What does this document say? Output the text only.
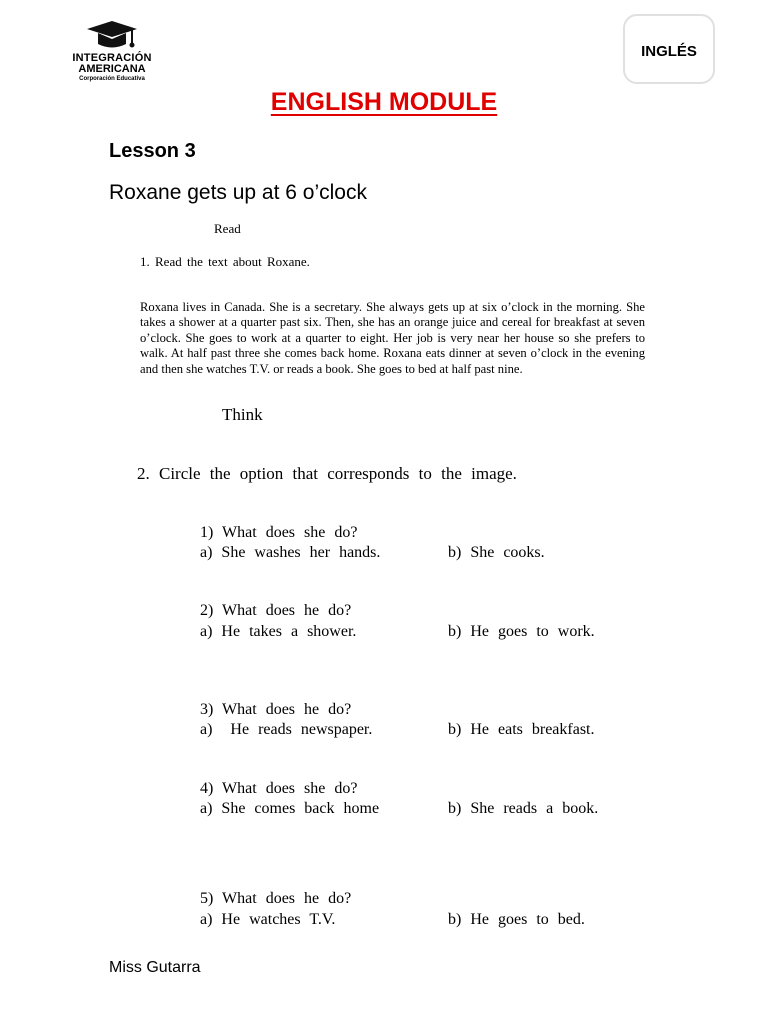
INTEGRACIÓN
AMERICANA
Corporación Educativa
INGLÉS
ENGLISH MODULE
Lesson 3
Roxane gets up at 6 o’clock
Read
1. Read the text about Roxane.
Roxana lives in Canada. She is a secretary. She always gets up at six o’clock in the morning. She takes a shower at a quarter past six. Then, she has an orange juice and cereal for breakfast at seven o’clock. She goes to work at a quarter to eight. Her job is very near her house so she prefers to walk. At half past three she comes back home. Roxana eats dinner at seven o’clock in the evening and then she watches T.V. or reads a book. She goes to bed at half past nine.
Think
2. Circle the option that corresponds to the image.
1) What does she do?
a) She washes her hands.	b) She cooks.
2) What does he do?
a) He takes a shower.	b) He goes to work.
3) What does he do?
a)  He reads newspaper.	b) He eats breakfast.
4) What does she do?
a) She comes back home	b) She reads a book.
5) What does he do?
a) He watches T.V.	b) He goes to bed.
Miss Gutarra
